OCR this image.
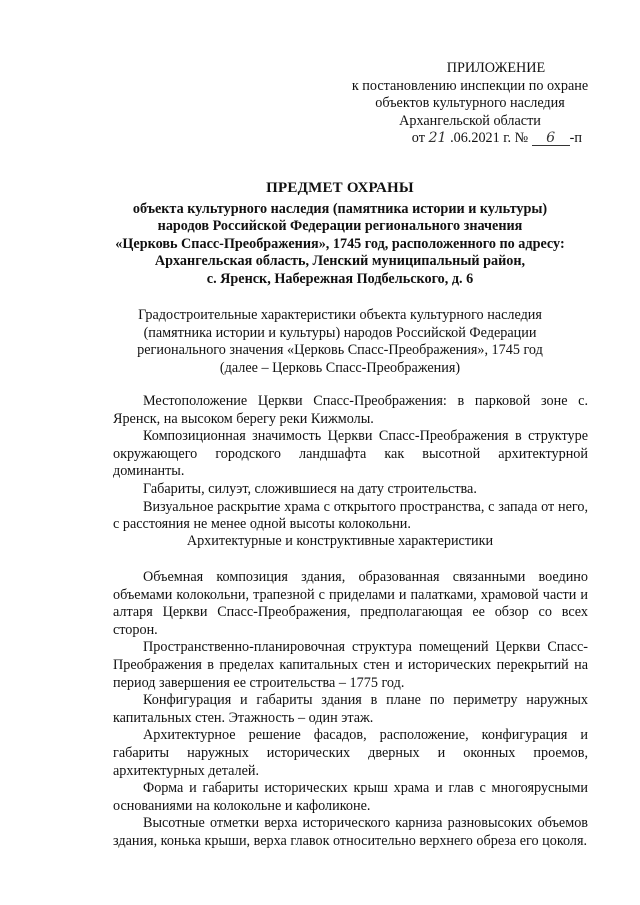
ПРИЛОЖЕНИЕ
к постановлению инспекции по охране
объектов культурного наследия
Архангельской области
от 21 .06.2021 г. № 6 -п
ПРЕДМЕТ ОХРАНЫ
объекта культурного наследия (памятника истории и культуры)
народов Российской Федерации регионального значения
«Церковь Спасс-Преображения», 1745 год, расположенного по адресу:
Архангельская область, Ленский муниципальный район,
с. Яренск, Набережная Подбельского, д. 6
Градостроительные характеристики объекта культурного наследия
(памятника истории и культуры) народов Российской Федерации
регионального значения «Церковь Спасс-Преображения», 1745 год
(далее – Церковь Спасс-Преображения)

Местоположение Церкви Спасс-Преображения: в парковой зоне с. Яренск, на высоком берегу реки Кижмолы.

Композиционная значимость Церкви Спасс-Преображения в структуре окружающего городского ландшафта как высотной архитектурной доминанты.

Габариты, силуэт, сложившиеся на дату строительства.

Визуальное раскрытие храма с открытого пространства, с запада от него, с расстояния не менее одной высоты колокольни.

Архитектурные и конструктивные характеристики

Объемная композиция здания, образованная связанными воедино объемами колокольни, трапезной с приделами и палатками, храмовой части и алтаря Церкви Спасс-Преображения, предполагающая ее обзор со всех сторон.

Пространственно-планировочная структура помещений Церкви Спасс-Преображения в пределах капитальных стен и исторических перекрытий на период завершения ее строительства – 1775 год.

Конфигурация и габариты здания в плане по периметру наружных капитальных стен. Этажность – один этаж.

Архитектурное решение фасадов, расположение, конфигурация и габариты наружных исторических дверных и оконных проемов, архитектурных деталей.

Форма и габариты исторических крыш храма и глав с многоярусными основаниями на колокольне и кафоликоне.

Высотные отметки верха исторического карниза разновысоких объемов здания, конька крыши, верха главок относительно верхнего обреза его цоколя.
